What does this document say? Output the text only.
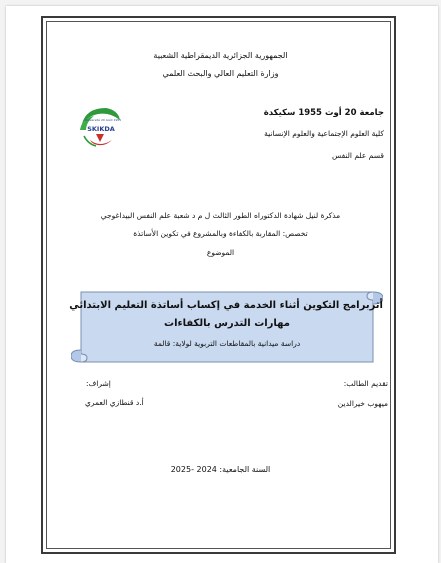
الجمهورية الجزائرية الديمقراطية الشعبية
وزارة التعليم العالي والبحث العلمي
Université 20 Août 1955
SKIKDA
جامعة 20 أوت 1955 سكيكدة
كلية العلوم الإجتماعية والعلوم الإنسانية
قسم علم النفس
مذكرة لنيل شهادة الدكتوراه الطور الثالث ل م د شعبة علم النفس البيداغوجي
تخصص: المقاربة بالكفاءة وبالمشروع في تكوين الأساتذة
الموضوع
أثربرامج التكوين أثناء الخدمة في إكساب أساتذة التعليم الابتدائي
مهارات التدرس بالكفاءات
دراسة ميدانية بالمقاطعات التربوية لولاية: قالمة
تقديم الطالب:
إشراف:
ميهوب خيرالدين
أ.د قنطازي العمري
السنة الجامعية: 2024 -2025
